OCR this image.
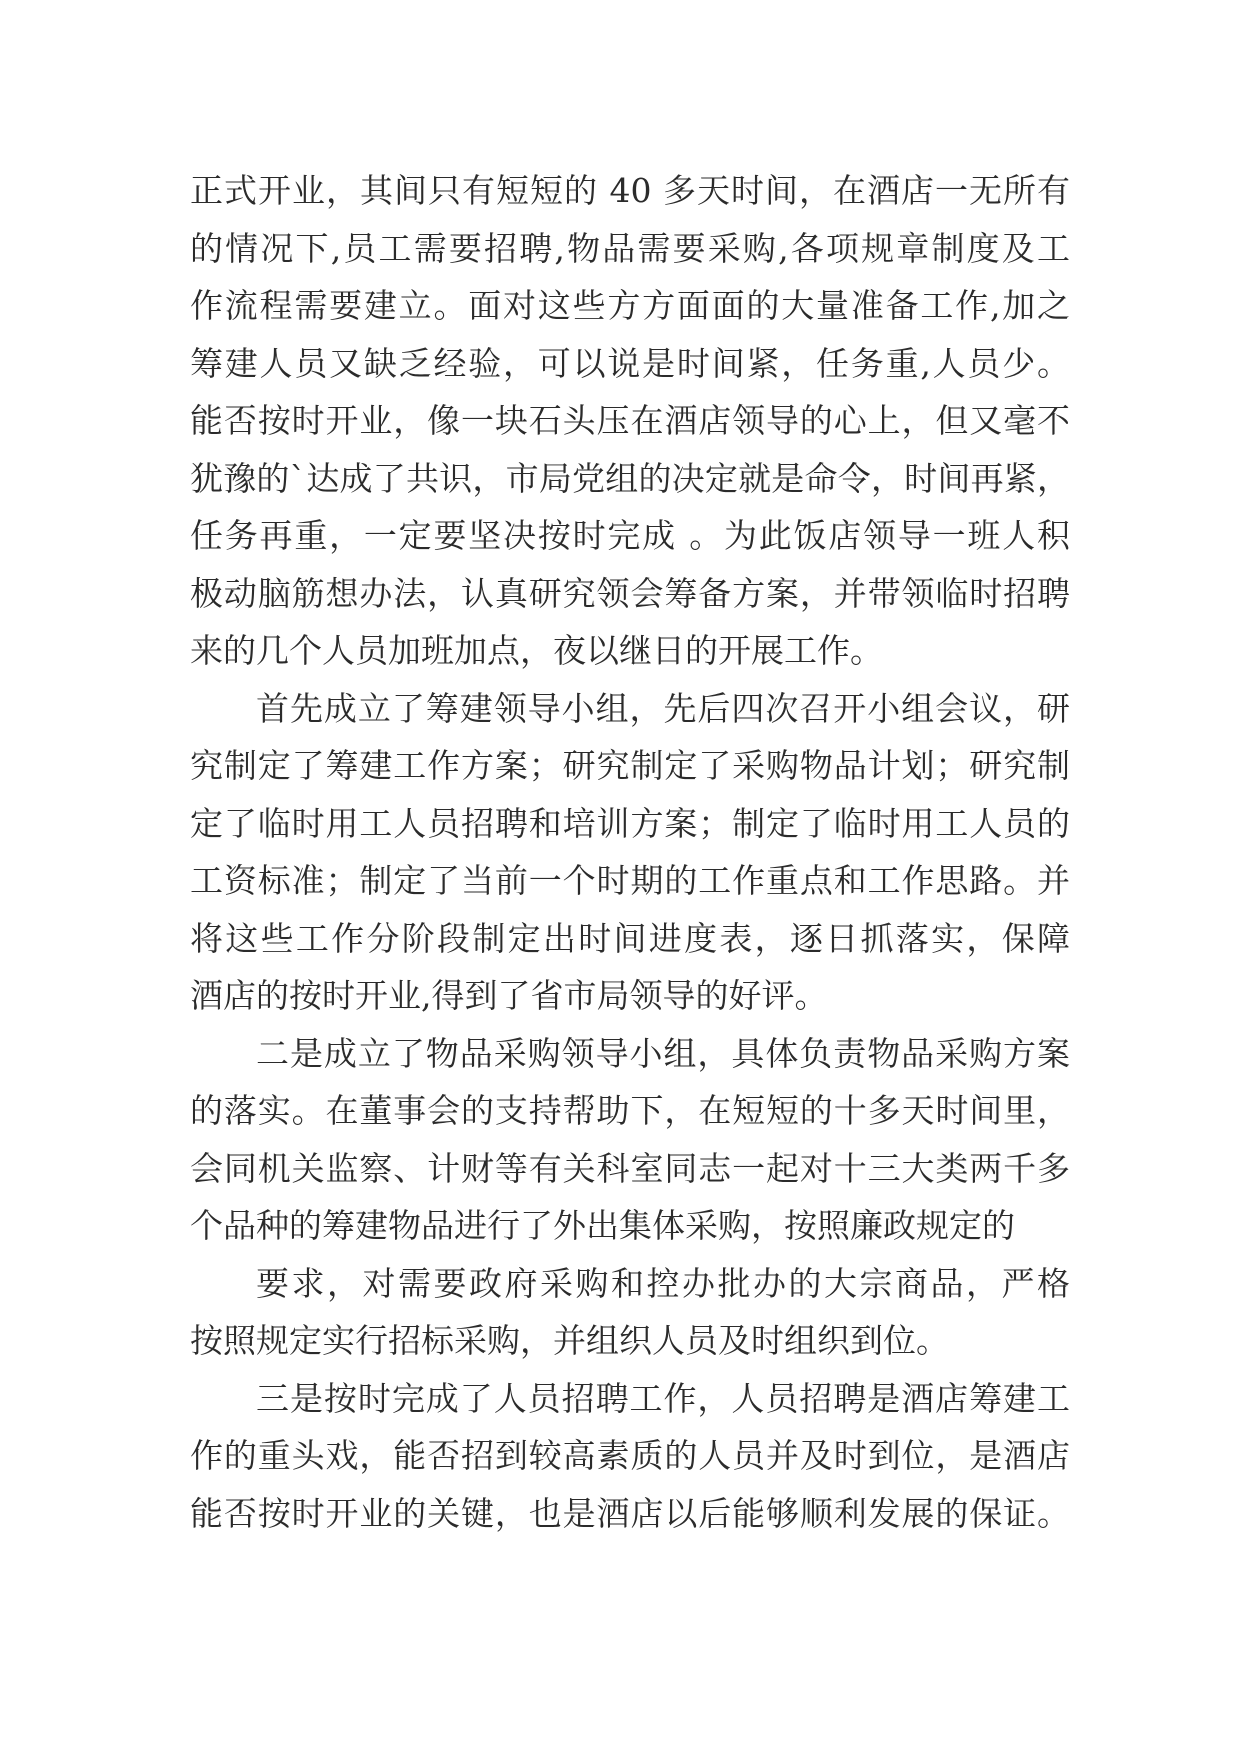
正式开业，其间只有短短的 40 多天时间，在酒店一无所有
的情况下,员工需要招聘,物品需要采购,各项规章制度及工
作流程需要建立。面对这些方方面面的大量准备工作,加之
筹建人员又缺乏经验，可以说是时间紧，任务重,人员少。
能否按时开业，像一块石头压在酒店领导的心上，但又毫不
犹豫的`达成了共识，市局党组的决定就是命令，时间再紧，
任务再重，一定要坚决按时完成 。为此饭店领导一班人积
极动脑筋想办法，认真研究领会筹备方案，并带领临时招聘
来的几个人员加班加点，夜以继日的开展工作。
首先成立了筹建领导小组，先后四次召开小组会议，研
究制定了筹建工作方案；研究制定了采购物品计划；研究制
定了临时用工人员招聘和培训方案；制定了临时用工人员的
工资标准；制定了当前一个时期的工作重点和工作思路。并
将这些工作分阶段制定出时间进度表，逐日抓落实，保障
酒店的按时开业,得到了省市局领导的好评。
二是成立了物品采购领导小组，具体负责物品采购方案
的落实。在董事会的支持帮助下，在短短的十多天时间里，
会同机关监察、计财等有关科室同志一起对十三大类两千多
个品种的筹建物品进行了外出集体采购，按照廉政规定的
要求，对需要政府采购和控办批办的大宗商品，严格
按照规定实行招标采购，并组织人员及时组织到位。
三是按时完成了人员招聘工作，人员招聘是酒店筹建工
作的重头戏，能否招到较高素质的人员并及时到位，是酒店
能否按时开业的关键，也是酒店以后能够顺利发展的保证。
